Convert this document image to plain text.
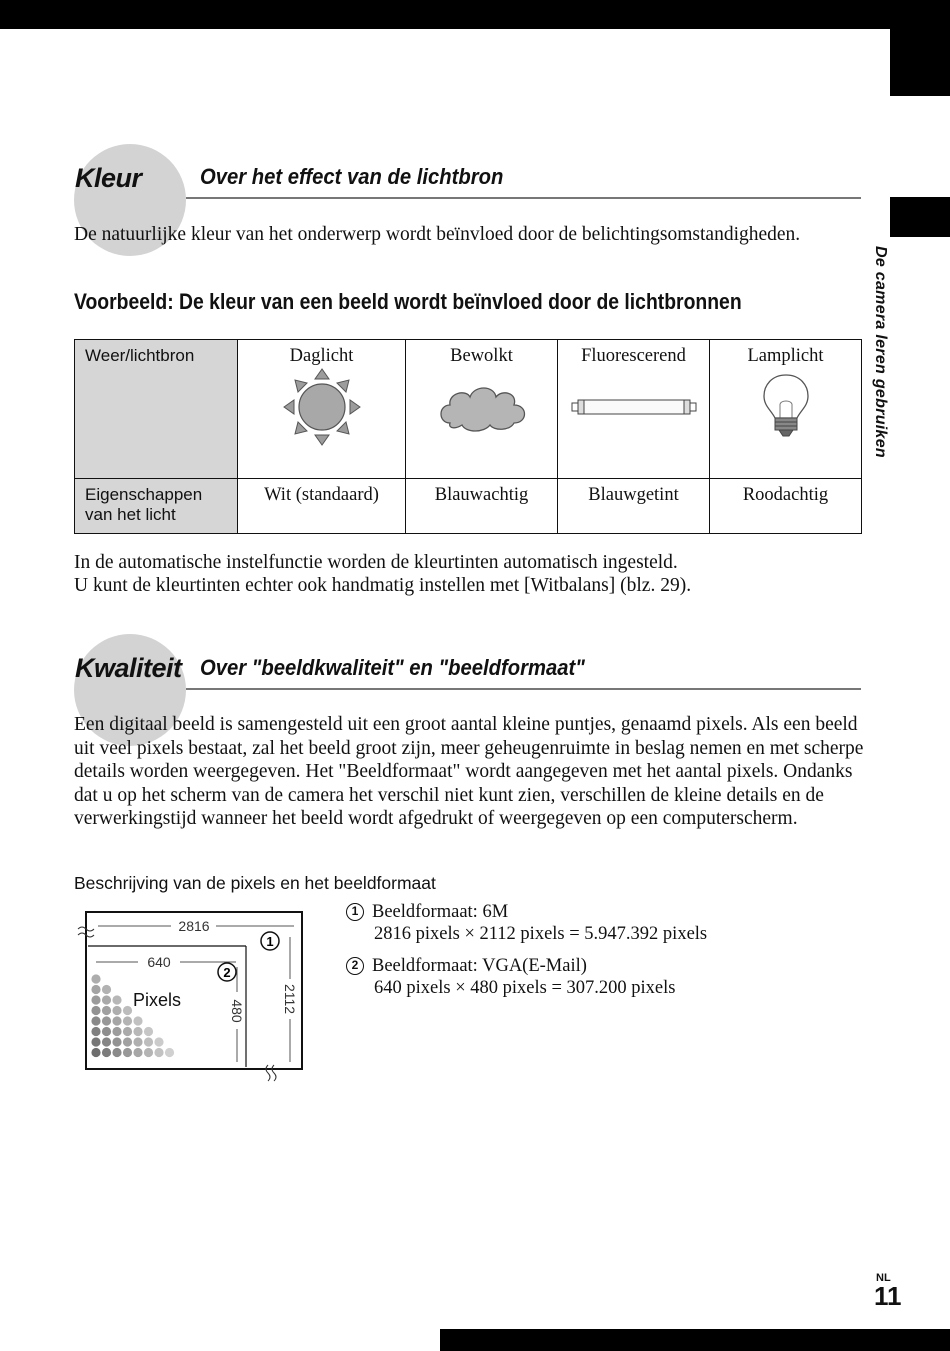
De camera leren gebruiken
Kleur	Over het effect van de lichtbron
De natuurlijke kleur van het onderwerp wordt beïnvloed door de belichtingsomstandigheden.
Voorbeeld: De kleur van een beeld wordt beïnvloed door de lichtbronnen
Weer/lichtbron	Daglicht	Bewolkt	Fluorescerend	Lamplicht

Eigenschappen van het licht	Wit (standaard)	Blauwachtig	Blauwgetint	Roodachtig
In de automatische instelfunctie worden de kleurtinten automatisch ingesteld.
U kunt de kleurtinten echter ook handmatig instellen met [Witbalans] (blz. 29).
Kwaliteit Over "beeldkwaliteit" en "beeldformaat"
Een digitaal beeld is samengesteld uit een groot aantal kleine puntjes, genaamd pixels. Als een beeld uit veel pixels bestaat, zal het beeld groot zijn, meer geheugenruimte in beslag nemen en met scherpe details worden weergegeven. Het "Beeldformaat" wordt aangegeven met het aantal pixels. Ondanks dat u op het scherm van de camera het verschil niet kunt zien, verschillen de kleine details en de verwerkingstijd wanneer het beeld wordt afgedrukt of weergegeven op een computerscherm.
Beschrijving van de pixels en het beeldformaat
2816
640
480	2112
Pixels
1
2
1 Beeldformaat: 6M
2816 pixels × 2112 pixels = 5.947.392 pixels
2 Beeldformaat: VGA(E-Mail)
640 pixels × 480 pixels = 307.200 pixels
NL
11
